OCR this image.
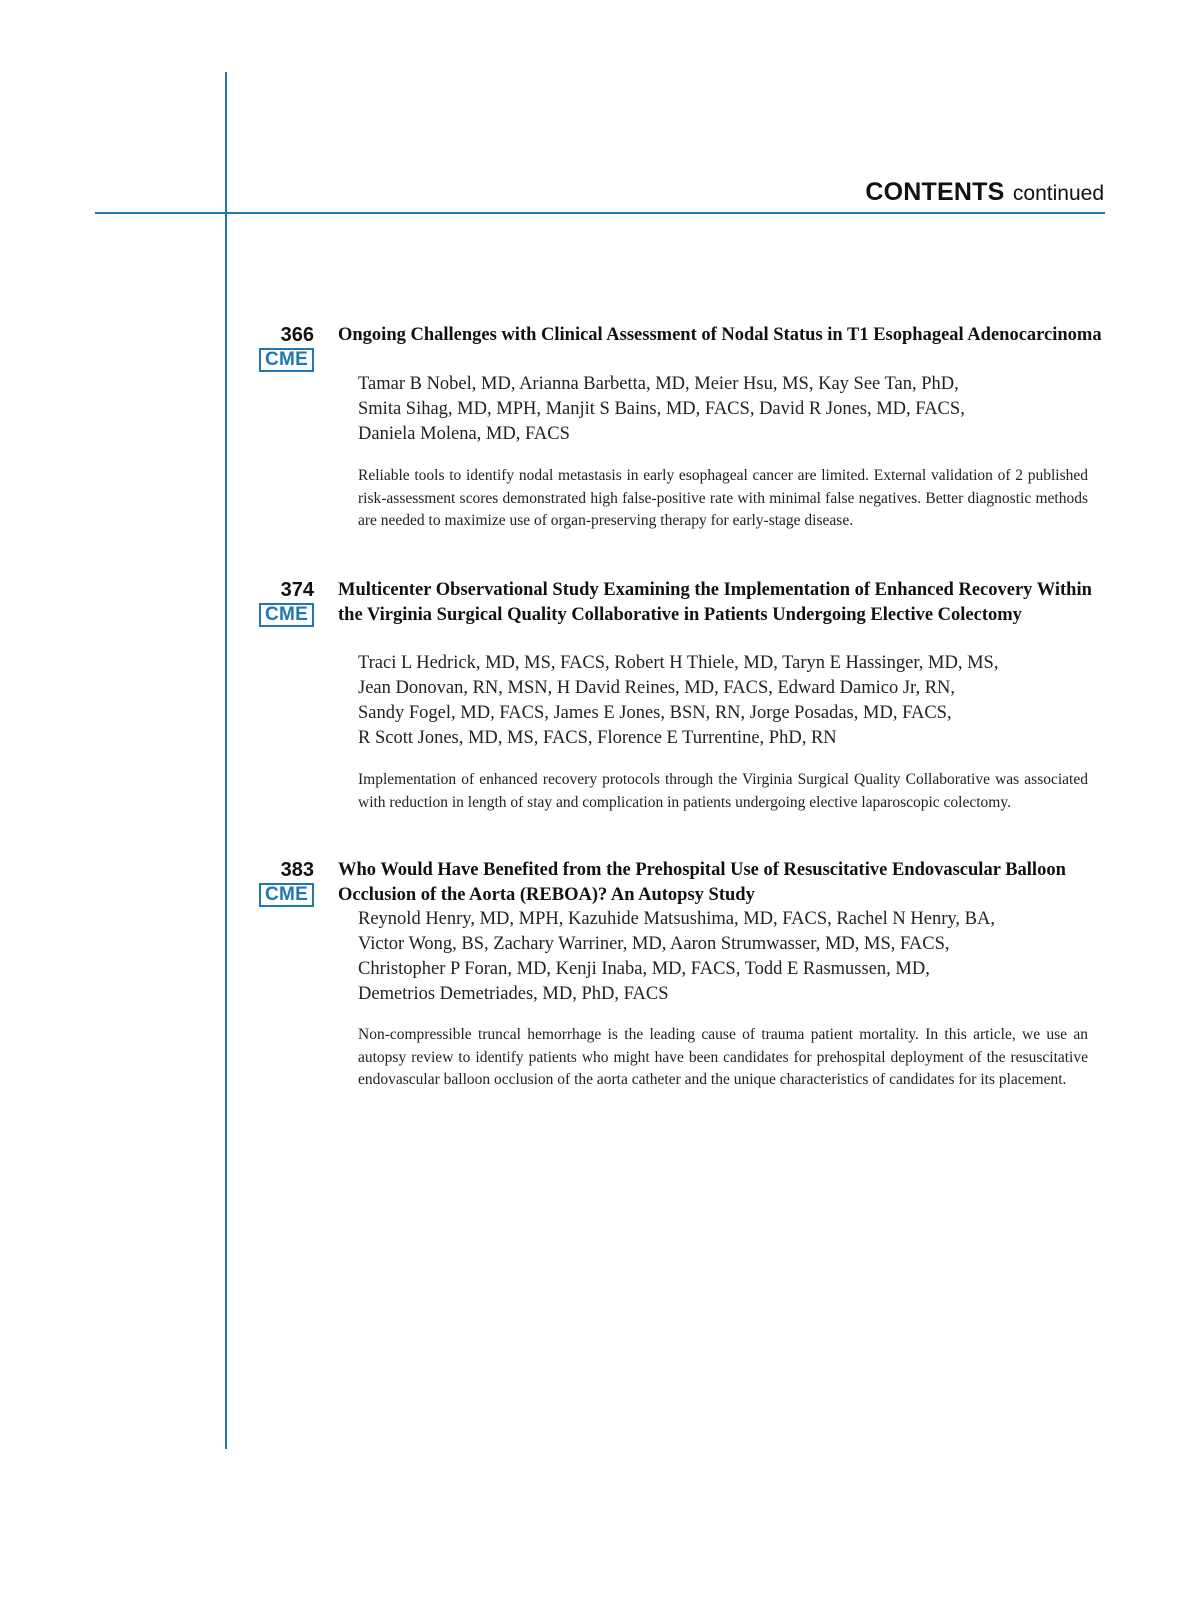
CONTENTS continued
366
CME
Ongoing Challenges with Clinical Assessment of Nodal Status in T1 Esophageal Adenocarcinoma
Tamar B Nobel, MD, Arianna Barbetta, MD, Meier Hsu, MS, Kay See Tan, PhD,
Smita Sihag, MD, MPH, Manjit S Bains, MD, FACS, David R Jones, MD, FACS,
Daniela Molena, MD, FACS
Reliable tools to identify nodal metastasis in early esophageal cancer are limited. External validation of 2 published risk-assessment scores demonstrated high false-positive rate with minimal false negatives. Better diagnostic methods are needed to maximize use of organ-preserving therapy for early-stage disease.
374
CME
Multicenter Observational Study Examining the Implementation of Enhanced Recovery Within the Virginia Surgical Quality Collaborative in Patients Undergoing Elective Colectomy
Traci L Hedrick, MD, MS, FACS, Robert H Thiele, MD, Taryn E Hassinger, MD, MS,
Jean Donovan, RN, MSN, H David Reines, MD, FACS, Edward Damico Jr, RN,
Sandy Fogel, MD, FACS, James E Jones, BSN, RN, Jorge Posadas, MD, FACS,
R Scott Jones, MD, MS, FACS, Florence E Turrentine, PhD, RN
Implementation of enhanced recovery protocols through the Virginia Surgical Quality Collaborative was associated with reduction in length of stay and complication in patients undergoing elective laparoscopic colectomy.
383
CME
Who Would Have Benefited from the Prehospital Use of Resuscitative Endovascular Balloon Occlusion of the Aorta (REBOA)? An Autopsy Study
Reynold Henry, MD, MPH, Kazuhide Matsushima, MD, FACS, Rachel N Henry, BA,
Victor Wong, BS, Zachary Warriner, MD, Aaron Strumwasser, MD, MS, FACS,
Christopher P Foran, MD, Kenji Inaba, MD, FACS, Todd E Rasmussen, MD,
Demetrios Demetriades, MD, PhD, FACS
Non-compressible truncal hemorrhage is the leading cause of trauma patient mortality. In this article, we use an autopsy review to identify patients who might have been candidates for prehospital deployment of the resuscitative endovascular balloon occlusion of the aorta catheter and the unique characteristics of candidates for its placement.
